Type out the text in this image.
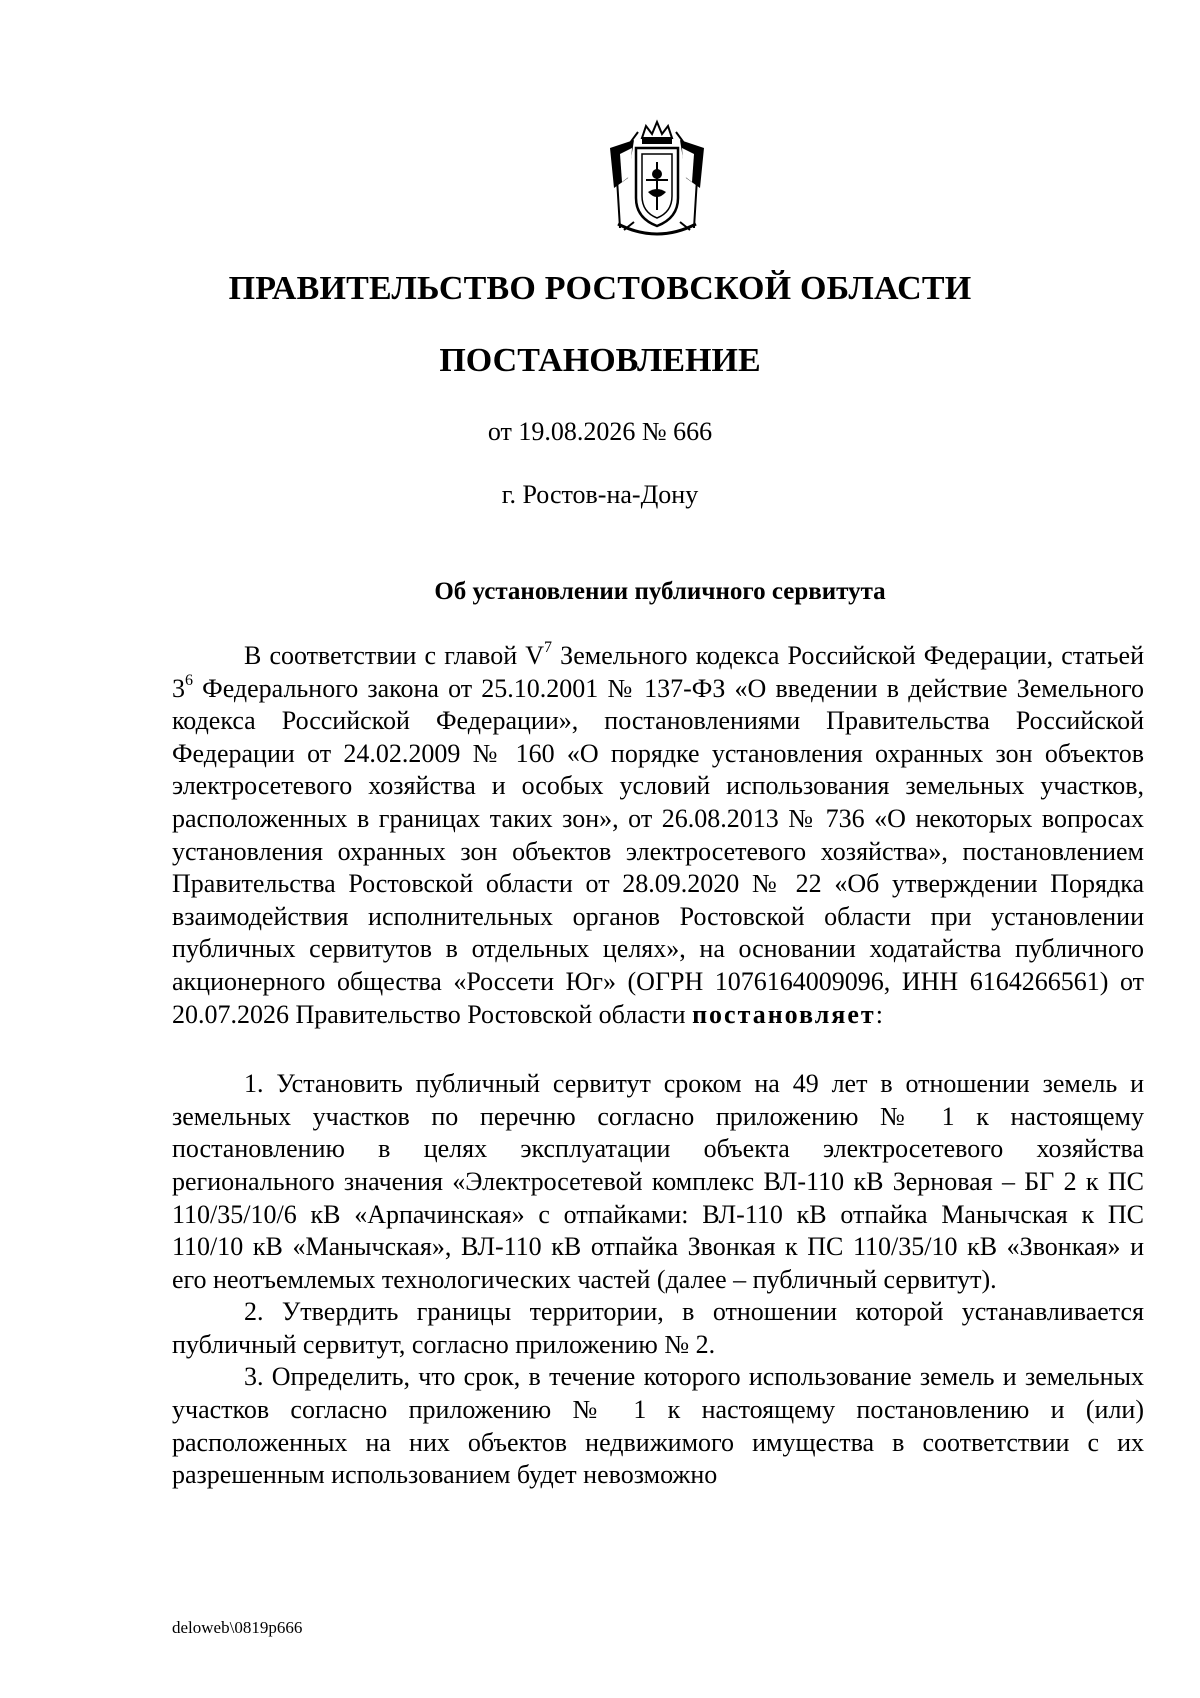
ПРАВИТЕЛЬСТВО РОСТОВСКОЙ ОБЛАСТИ
ПОСТАНОВЛЕНИЕ
от 19.08.2026 № 666
г. Ростов-на-Дону
Об установлении публичного сервитута

В соответствии с главой $V^7$ Земельного кодекса Российской Федерации, статьей $3^6$ Федерального закона от 25.10.2001 № 137-ФЗ «О введении в действие Земельного кодекса Российской Федерации», постановлениями Правительства Российской Федерации от 24.02.2009 № 160 «О порядке установления охранных зон объектов электросетевого хозяйства и особых условий использования земельных участков, расположенных в границах таких зон», от 26.08.2013 № 736 «О некоторых вопросах установления охранных зон объектов электросетевого хозяйства», постановлением Правительства Ростовской области от 28.09.2020 № 22 «Об утверждении Порядка взаимодействия исполнительных органов Ростовской области при установлении публичных сервитутов в отдельных целях», на основании ходатайства публичного акционерного общества «Россети Юг» (ОГРН 1076164009096, ИНН 6164266561) от 20.07.2026 Правительство Ростовской области постановляет:

1. Установить публичный сервитут сроком на 49 лет в отношении земель и земельных участков по перечню согласно приложению № 1 к настоящему постановлению в целях эксплуатации объекта электросетевого хозяйства регионального значения «Электросетевой комплекс ВЛ-110 кВ Зерновая – БГ 2 к ПС 110/35/10/6 кВ «Арпачинская» с отпайками: ВЛ-110 кВ отпайка Манычская к ПС 110/10 кВ «Манычская», ВЛ-110 кВ отпайка Звонкая к ПС 110/35/10 кВ «Звонкая» и его неотъемлемых технологических частей (далее – публичный сервитут).

2. Утвердить границы территории, в отношении которой устанавливается публичный сервитут, согласно приложению № 2.

3. Определить, что срок, в течение которого использование земель и земельных участков согласно приложению № 1 к настоящему постановлению и (или) расположенных на них объектов недвижимого имущества в соответствии с их разрешенным использованием будет невозможно

deloweb\0819p666
